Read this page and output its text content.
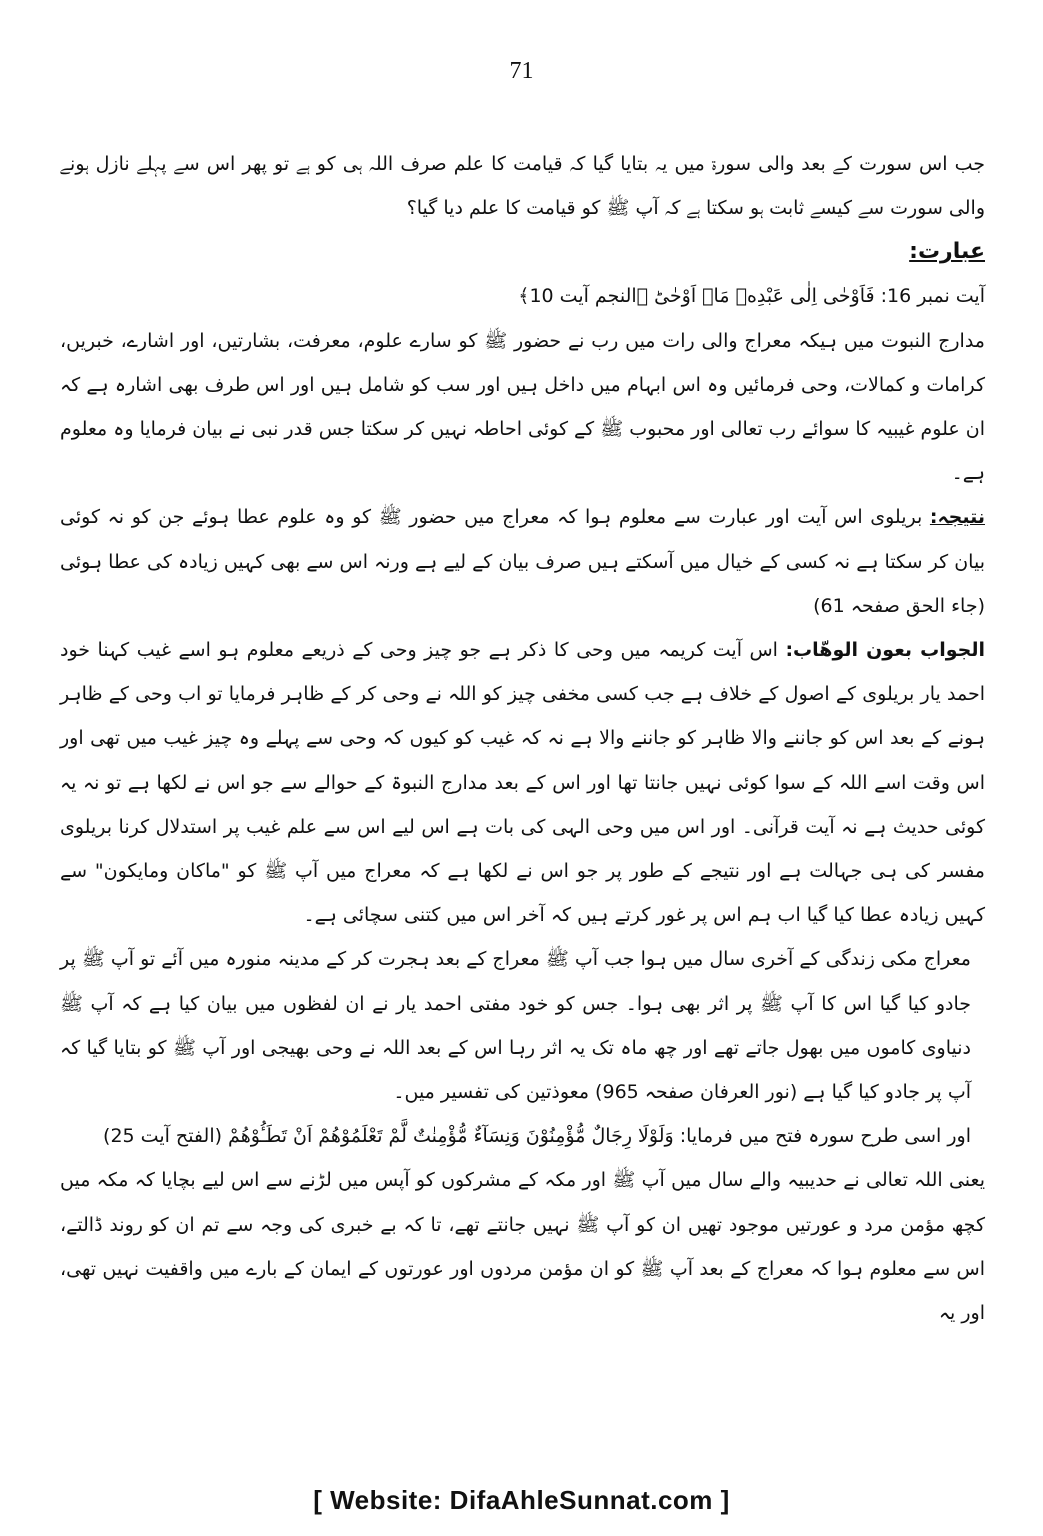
71

جب اس سورت کے بعد والی سورۃ میں یہ بتایا گیا کہ قیامت کا علم صرف اللہ ہی کو ہے تو پھر اس سے پہلے نازل ہونے والی سورت سے کیسے ثابت ہو سکتا ہے کہ آپ ﷺ کو قیامت کا علم دیا گیا؟

عبارت:

آیت نمبر 16: فَاَوْحٰى اِلٰى عَبْدِهٖ مَاۤ اَوْحٰىؕ ﴿النجم آیت 10﴾

مدارج النبوت میں ہیکہ معراج والی رات میں رب نے حضور ﷺ کو سارے علوم، معرفت، بشارتیں، اور اشارے، خبریں، کرامات و کمالات، وحی فرمائیں وہ اس ابہام میں داخل ہیں اور سب کو شامل ہیں اور اس طرف بھی اشارہ ہے کہ ان علوم غیبیہ کا سوائے رب تعالی اور محبوب ﷺ کے کوئی احاطہ نہیں کر سکتا جس قدر نبی نے بیان فرمایا وہ معلوم ہے۔

نتیجہ: بریلوی اس آیت اور عبارت سے معلوم ہوا کہ معراج میں حضور ﷺ کو وہ علوم عطا ہوئے جن کو نہ کوئی بیان کر سکتا ہے نہ کسی کے خیال میں آسکتے ہیں صرف بیان کے لیے ہے ورنہ اس سے بھی کہیں زیادہ کی عطا ہوئی (جاء الحق صفحہ 61)

الجواب بعون الوھّاب: اس آیت کریمہ میں وحی کا ذکر ہے جو چیز وحی کے ذریعے معلوم ہو اسے غیب کہنا خود احمد یار بریلوی کے اصول کے خلاف ہے جب کسی مخفی چیز کو اللہ نے وحی کر کے ظاہر فرمایا تو اب وحی کے ظاہر ہونے کے بعد اس کو جاننے والا ظاہر کو جاننے والا ہے نہ کہ غیب کو کیوں کہ وحی سے پہلے وہ چیز غیب میں تھی اور اس وقت اسے اللہ کے سوا کوئی نہیں جانتا تھا اور اس کے بعد مدارج النبوۃ کے حوالے سے جو اس نے لکھا ہے تو نہ یہ کوئی حدیث ہے نہ آیت قرآنی۔ اور اس میں وحی الہی کی بات ہے اس لیے اس سے علم غیب پر استدلال کرنا بریلوی مفسر کی ہی جہالت ہے اور نتیجے کے طور پر جو اس نے لکھا ہے کہ معراج میں آپ ﷺ کو "ماکان ومایکون" سے کہیں زیادہ عطا کیا گیا اب ہم اس پر غور کرتے ہیں کہ آخر اس میں کتنی سچائی ہے۔

معراج مکی زندگی کے آخری سال میں ہوا جب آپ ﷺ معراج کے بعد ہجرت کر کے مدینہ منورہ میں آئے تو آپ ﷺ پر جادو کیا گیا اس کا آپ ﷺ پر اثر بھی ہوا۔ جس کو خود مفتی احمد یار نے ان لفظوں میں بیان کیا ہے کہ آپ ﷺ دنیاوی کاموں میں بھول جاتے تھے اور چھ ماہ تک یہ اثر رہا اس کے بعد اللہ نے وحی بھیجی اور آپ ﷺ کو بتایا گیا کہ آپ پر جادو کیا گیا ہے (نور العرفان صفحہ 965) معوذتین کی تفسیر میں۔

اور اسی طرح سورہ فتح میں فرمایا: وَلَوْلَا رِجَالٌ مُّؤْمِنُوْنَ وَنِسَآءٌ مُّؤْمِنٰتٌ لَّمْ تَعْلَمُوْهُمْ اَنْ تَطَـُٔوْهُمْ (الفتح آیت 25)

یعنی اللہ تعالی نے حدیبیہ والے سال میں آپ ﷺ اور مکہ کے مشرکوں کو آپس میں لڑنے سے اس لیے بچایا کہ مکہ میں کچھ مؤمن مرد و عورتیں موجود تھیں ان کو آپ ﷺ نہیں جانتے تھے، تا کہ بے خبری کی وجہ سے تم ان کو روند ڈالتے، اس سے معلوم ہوا کہ معراج کے بعد آپ ﷺ کو ان مؤمن مردوں اور عورتوں کے ایمان کے بارے میں واقفیت نہیں تھی، اور یہ

[ Website: DifaAhleSunnat.com ]
